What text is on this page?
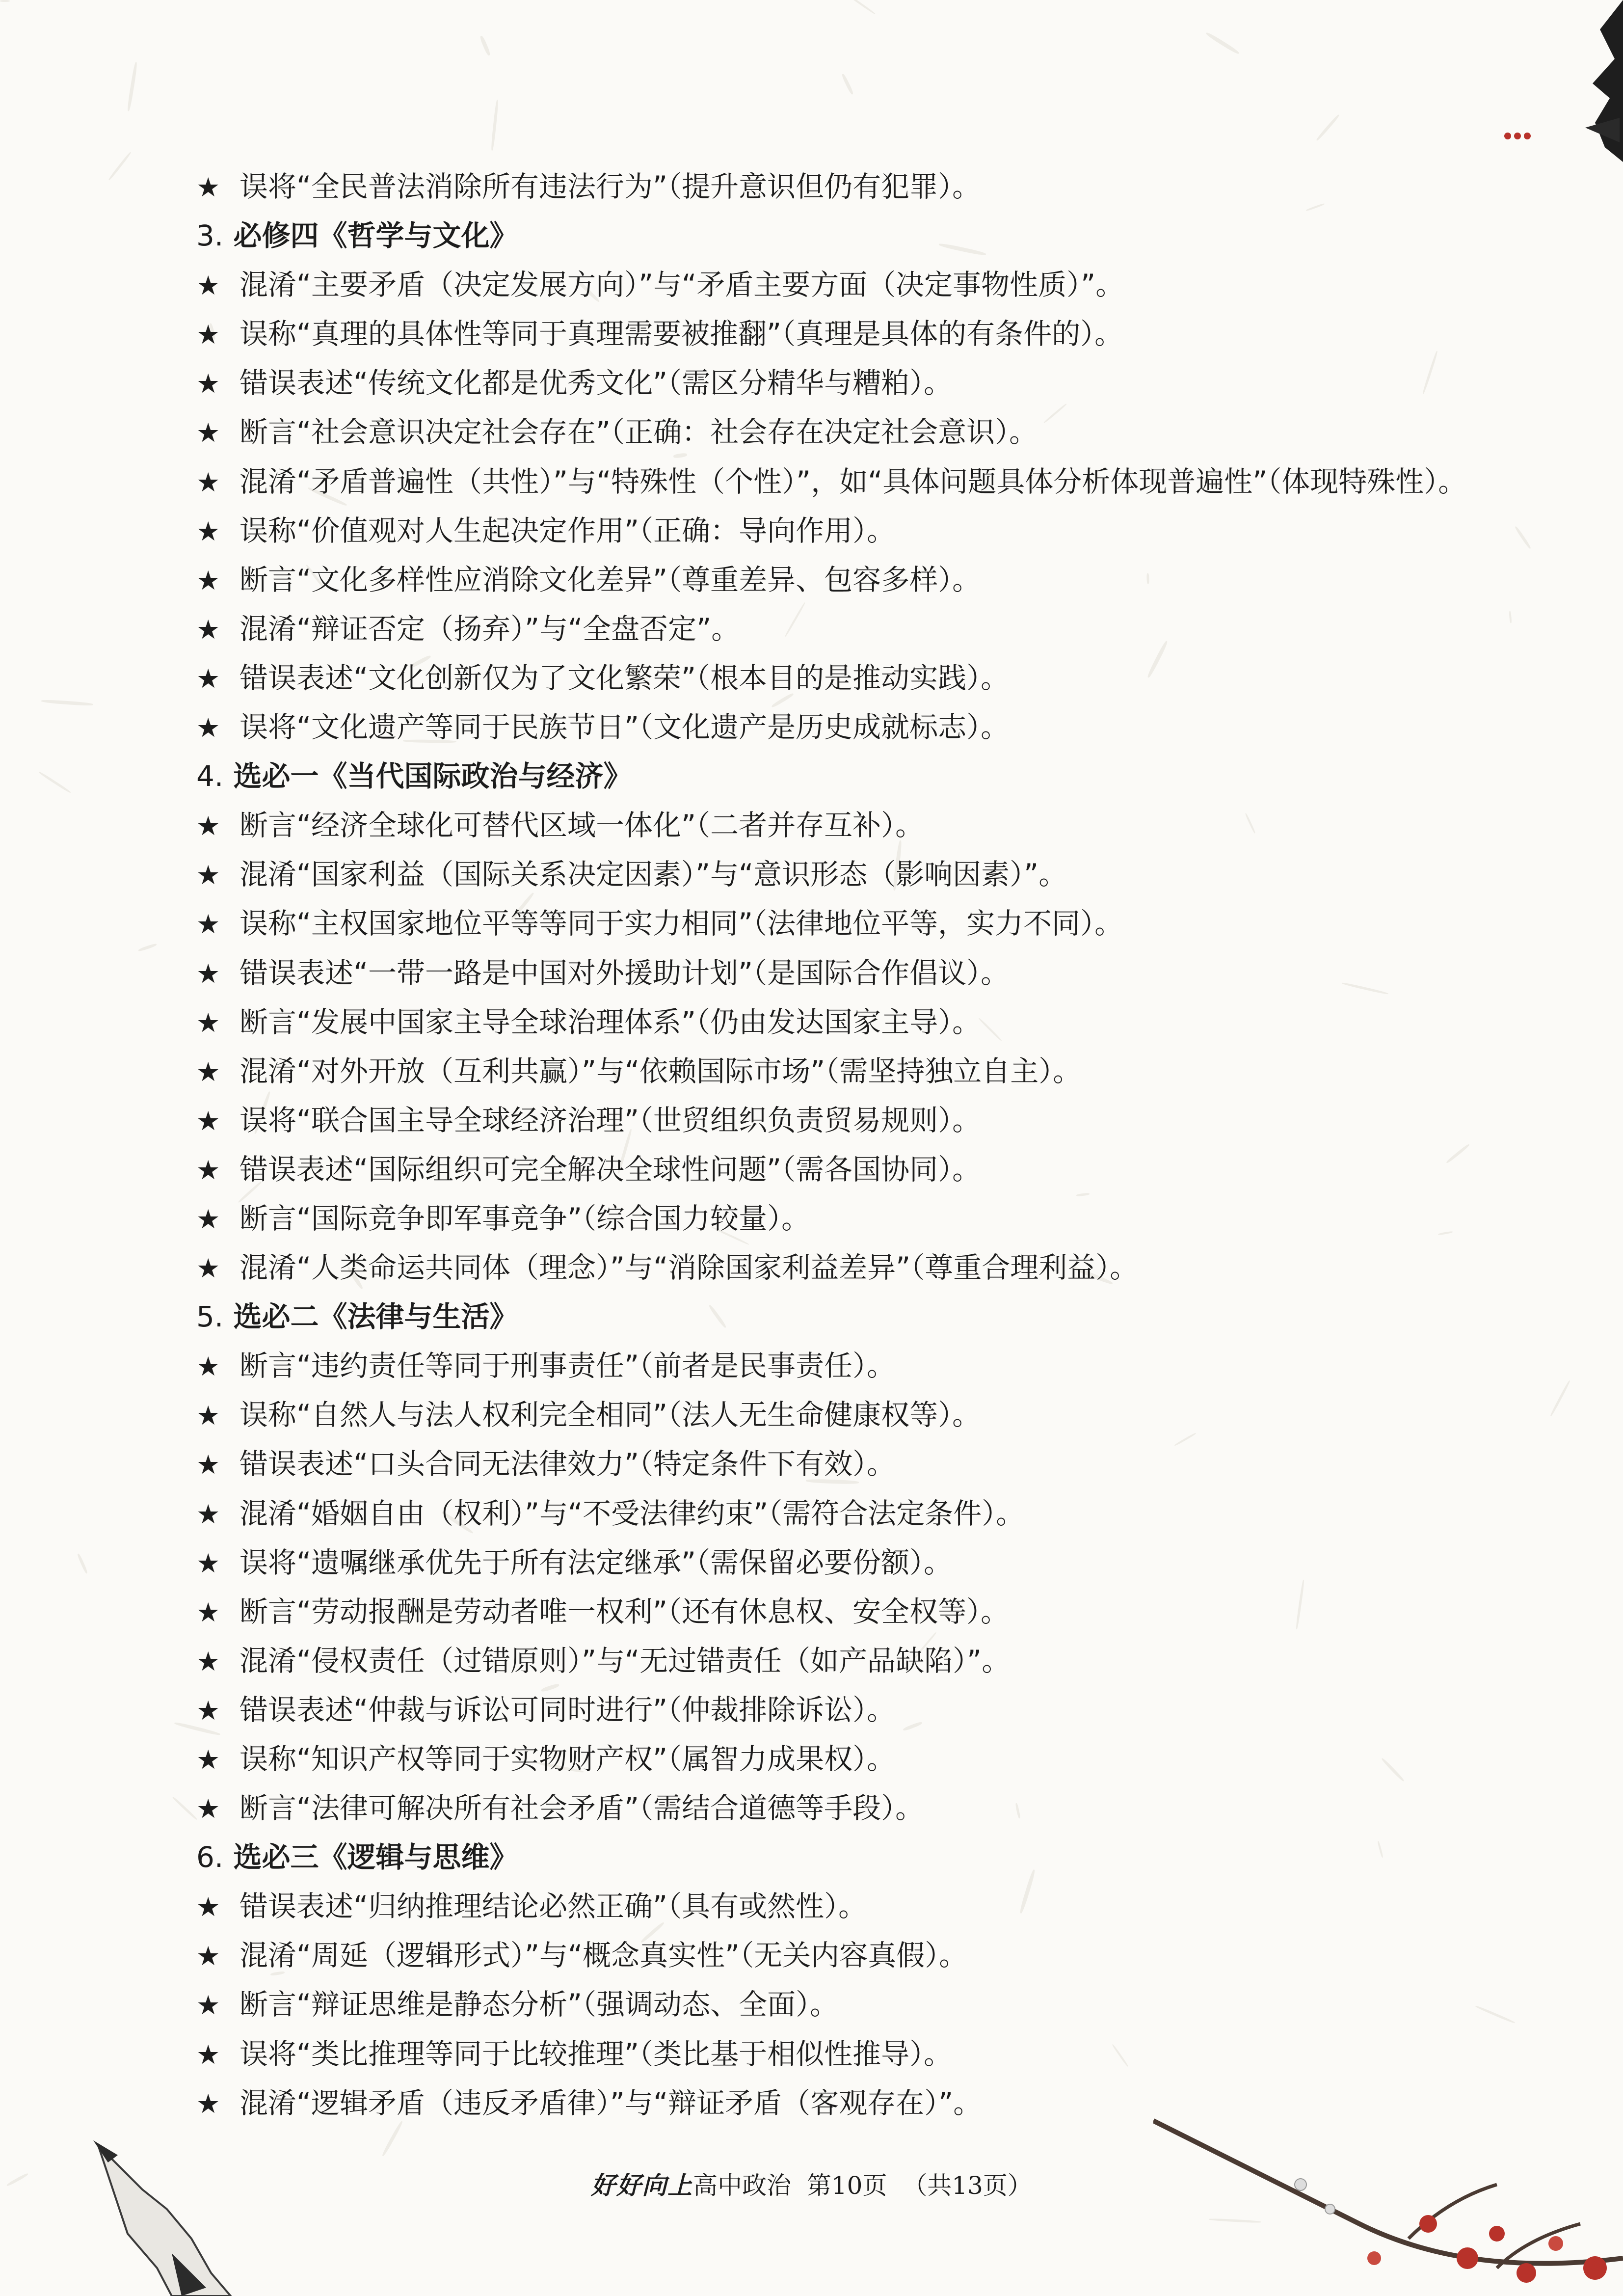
★ 误将“全民普法消除所有违法行为”（提升意识但仍有犯罪）。
3. 必修四《哲学与文化》
★ 混淆“主要矛盾（决定发展方向）”与“矛盾主要方面（决定事物性质）”。
★ 误称“真理的具体性等同于真理需要被推翻”（真理是具体的有条件的）。
★ 错误表述“传统文化都是优秀文化”（需区分精华与糟粕）。
★ 断言“社会意识决定社会存在”（正确：社会存在决定社会意识）。
★ 混淆“矛盾普遍性（共性）”与“特殊性（个性）”，如“具体问题具体分析体现普遍性”（体现特殊性）。
★ 误称“价值观对人生起决定作用”（正确：导向作用）。
★ 断言“文化多样性应消除文化差异”（尊重差异、包容多样）。
★ 混淆“辩证否定（扬弃）”与“全盘否定”。
★ 错误表述“文化创新仅为了文化繁荣”（根本目的是推动实践）。
★ 误将“文化遗产等同于民族节日”（文化遗产是历史成就标志）。
4. 选必一《当代国际政治与经济》
★ 断言“经济全球化可替代区域一体化”（二者并存互补）。
★ 混淆“国家利益（国际关系决定因素）”与“意识形态（影响因素）”。
★ 误称“主权国家地位平等等同于实力相同”（法律地位平等，实力不同）。
★ 错误表述“一带一路是中国对外援助计划”（是国际合作倡议）。
★ 断言“发展中国家主导全球治理体系”（仍由发达国家主导）。
★ 混淆“对外开放（互利共赢）”与“依赖国际市场”（需坚持独立自主）。
★ 误将“联合国主导全球经济治理”（世贸组织负责贸易规则）。
★ 错误表述“国际组织可完全解决全球性问题”（需各国协同）。
★ 断言“国际竞争即军事竞争”（综合国力较量）。
★ 混淆“人类命运共同体（理念）”与“消除国家利益差异”（尊重合理利益）。
5. 选必二《法律与生活》
★ 断言“违约责任等同于刑事责任”（前者是民事责任）。
★ 误称“自然人与法人权利完全相同”（法人无生命健康权等）。
★ 错误表述“口头合同无法律效力”（特定条件下有效）。
★ 混淆“婚姻自由（权利）”与“不受法律约束”（需符合法定条件）。
★ 误将“遗嘱继承优先于所有法定继承”（需保留必要份额）。
★ 断言“劳动报酬是劳动者唯一权利”（还有休息权、安全权等）。
★ 混淆“侵权责任（过错原则）”与“无过错责任（如产品缺陷）”。
★ 错误表述“仲裁与诉讼可同时进行”（仲裁排除诉讼）。
★ 误称“知识产权等同于实物财产权”（属智力成果权）。
★ 断言“法律可解决所有社会矛盾”（需结合道德等手段）。
6. 选必三《逻辑与思维》
★ 错误表述“归纳推理结论必然正确”（具有或然性）。
★ 混淆“周延（逻辑形式）”与“概念真实性”（无关内容真假）。
★ 断言“辩证思维是静态分析”（强调动态、全面）。
★ 误将“类比推理等同于比较推理”（类比基于相似性推导）。
★ 混淆“逻辑矛盾（违反矛盾律）”与“辩证矛盾（客观存在）”。
好好向上高中政治 第10页 （共13页）
